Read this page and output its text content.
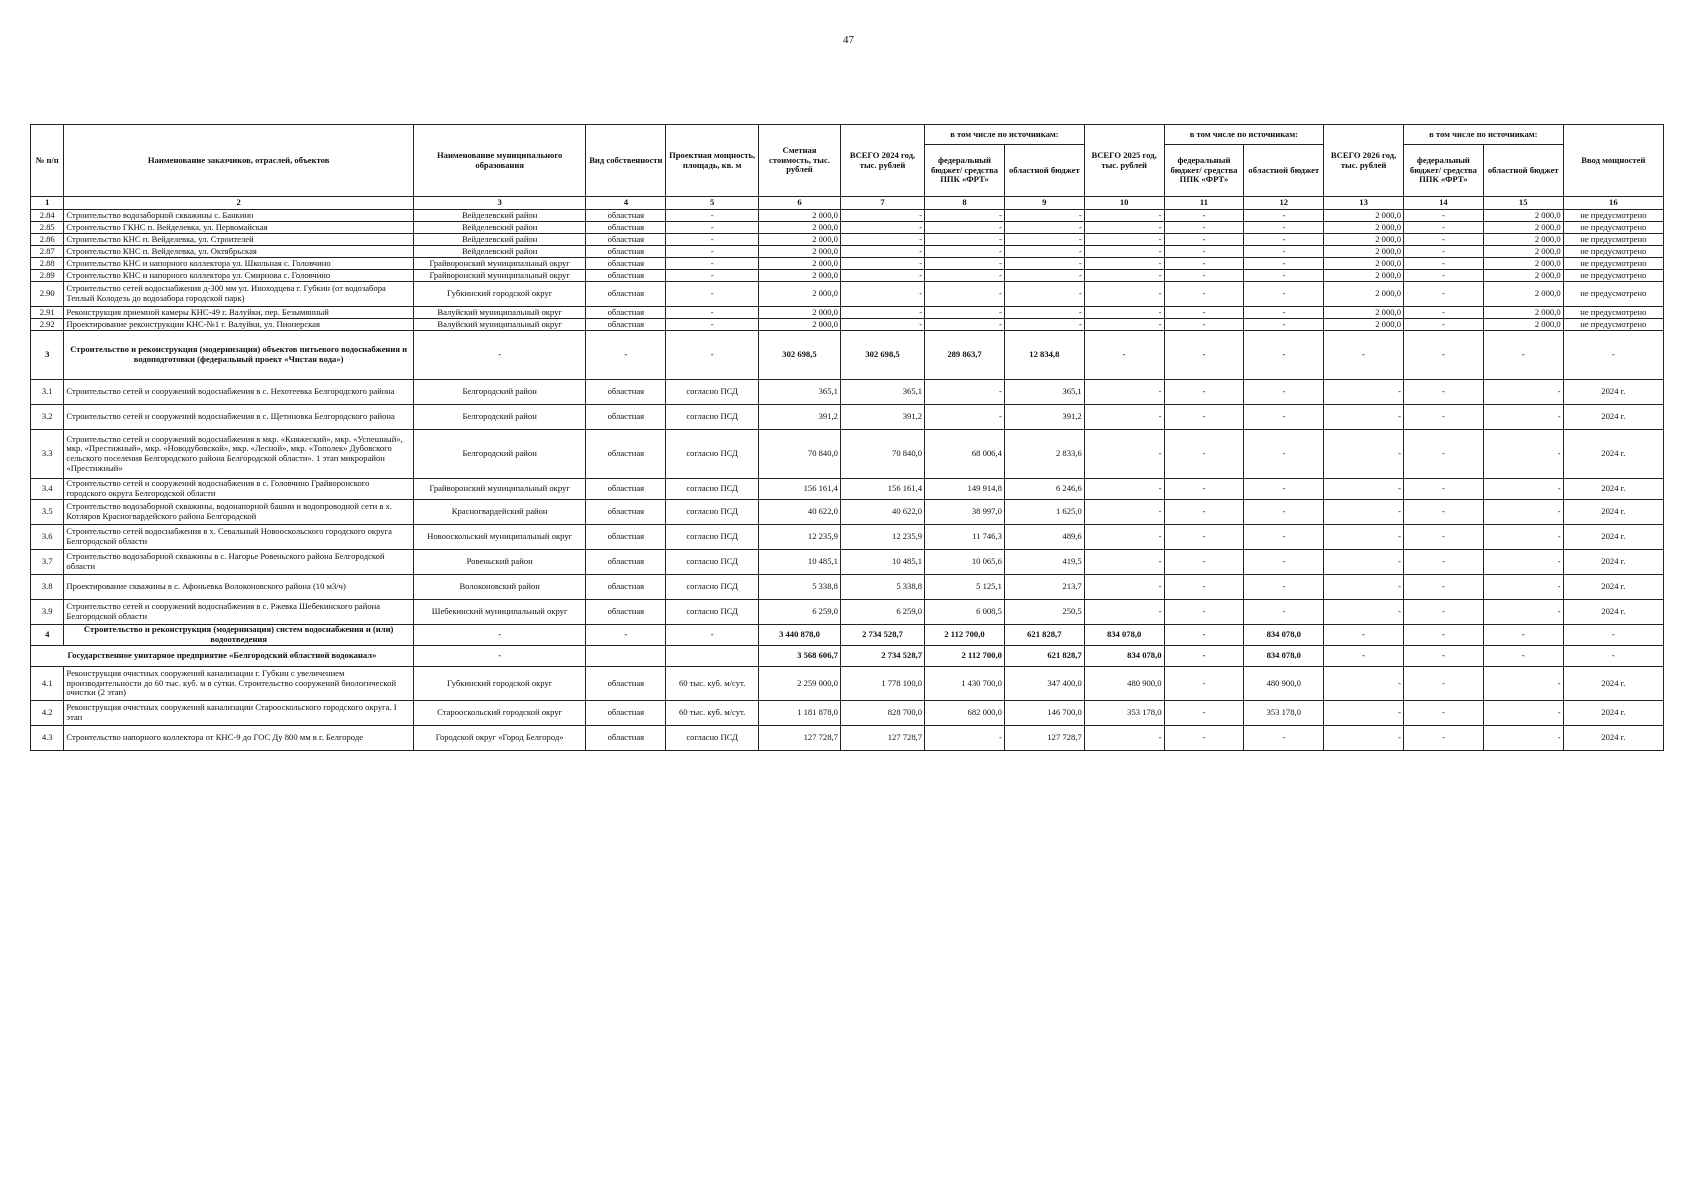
47
№ п/п	Наименование заказчиков, отраслей, объектов	Наименование муниципального образования	Вид собственности	Проектная мощность, площадь, кв. м	Сметная стоимость, тыс. рублей	ВСЕГО 2024 год, тыс. рублей	в том числе по источникам:		ВСЕГО 2025 год, тыс. рублей	в том числе по источникам:		ВСЕГО 2026 год, тыс. рублей	в том числе по источникам:		Ввод мощностей
							федеральный бюджет/ средства ППК «ФРТ»	областной бюджет		федеральный бюджет/ средства ППК «ФРТ»	областной бюджет		федеральный бюджет/ средства ППК «ФРТ»	областной бюджет	
1	2	3	4	5	6	7	8	9	10	11	12	13	14	15	16
2.84	Строительство водозаборной скважины с. Банкино	Вейделевский район	областная	-	2 000,0	-	-	-	-	-	-	2 000,0	-	2 000,0	не предусмотрено
2.85	Строительство ГКНС п. Вейделевка, ул. Первомайская	Вейделевский район	областная	-	2 000,0	-	-	-	-	-	-	2 000,0	-	2 000,0	не предусмотрено
2.86	Строительство КНС п. Вейделевка, ул. Строителей	Вейделевский район	областная	-	2 000,0	-	-	-	-	-	-	2 000,0	-	2 000,0	не предусмотрено
2.87	Строительство КНС п. Вейделевка, ул. Октябрьская	Вейделевский район	областная	-	2 000,0	-	-	-	-	-	-	2 000,0	-	2 000,0	не предусмотрено
2.88	Строительство КНС и напорного коллектора ул. Школьная с. Головчино	Грайворонский муниципальный округ	областная	-	2 000,0	-	-	-	-	-	-	2 000,0	-	2 000,0	не предусмотрено
2.89	Строительство КНС и напорного коллектора ул. Смирнова с. Головчино	Грайворонский муниципальный округ	областная	-	2 000,0	-	-	-	-	-	-	2 000,0	-	2 000,0	не предусмотрено
2.90	Строительство сетей водоснабжения д-300 мм ул. Иноходцева г. Губкин (от водозабора Теплый Колодезь до водозабора городской парк)	Губкинский городской округ	областная	-	2 000,0	-	-	-	-	-	-	2 000,0	-	2 000,0	не предусмотрено
2.91	Реконструкция приемной камеры КНС-49 г. Валуйки, пер. Безымянный	Валуйский муниципальный округ	областная	-	2 000,0	-	-	-	-	-	-	2 000,0	-	2 000,0	не предусмотрено
2.92	Проектирование реконструкции КНС-№1 г. Валуйки, ул. Пионерская	Валуйский муниципальный округ	областная	-	2 000,0	-	-	-	-	-	-	2 000,0	-	2 000,0	не предусмотрено
3	Строительство и реконструкция (модернизация) объектов питьевого водоснабжения и водоподготовки (федеральный проект «Чистая вода»)	-	-	-	302 698,5	302 698,5	289 863,7	12 834,8	-	-	-	-	-	-	-
3.1	Строительство сетей и сооружений водоснабжения в с. Нехотеевка Белгородского района	Белгородский район	областная	согласно ПСД	365,1	365,1	-	365,1	-	-	-	-	-	-	2024 г.
3.2	Строительство сетей и сооружений водоснабжения в с. Щетиновка Белгородского района	Белгородский район	областная	согласно ПСД	391,2	391,2	-	391,2	-	-	-	-	-	-	2024 г.
3.3	Строительство сетей и сооружений водоснабжения в мкр. «Княжеский», мкр. «Успешный», мкр. «Престижный», мкр. «Новодубовской», мкр. «Лесной», мкр. «Тополек» Дубовского сельского поселения Белгородского района Белгородской области». 1 этап микрорайон «Престижный»	Белгородский район	областная	согласно ПСД	70 840,0	70 840,0	68 006,4	2 833,6	-	-	-	-	-	-	2024 г.
3.4	Строительство сетей и сооружений водоснабжения в с. Головчино Грайворонского городского округа Белгородской области	Грайворонский муниципальный округ	областная	согласно ПСД	156 161,4	156 161,4	149 914,8	6 246,6	-	-	-	-	-	-	2024 г.
3.5	Строительство водозаборной скважины, водонапорной башни и водопроводной сети в х. Котляров Красногвардейского района Белгородской	Красногвардейский район	областная	согласно ПСД	40 622,0	40 622,0	38 997,0	1 625,0	-	-	-	-	-	-	2024 г.
3.6	Строительство сетей водоснабжения в х. Севальный Новооскольского городского округа Белгородской области	Новооскольский муниципальный округ	областная	согласно ПСД	12 235,9	12 235,9	11 746,3	489,6	-	-	-	-	-	-	2024 г.
3.7	Строительство водозаборной скважины в с. Нагорье Ровеньского района Белгородской области	Ровеньский район	областная	согласно ПСД	10 485,1	10 485,1	10 065,6	419,5	-	-	-	-	-	-	2024 г.
3.8	Проектирование скважины в с. Афоньевка Волоконовского района (10 м3/ч)	Волоконовский район	областная	согласно ПСД	5 338,8	5 338,8	5 125,1	213,7	-	-	-	-	-	-	2024 г.
3.9	Строительство сетей и сооружений водоснабжения в с. Ржевка Шебекинского района Белгородской области	Шебекинский муниципальный округ	областная	согласно ПСД	6 259,0	6 259,0	6 008,5	250,5	-	-	-	-	-	-	2024 г.
4	Строительство и реконструкция (модернизация) систем водоснабжения и (или) водоотведения	-	-	-	3 440 878,0	2 734 528,7	2 112 700,0	621 828,7	834 078,0	-	834 078,0	-	-	-	-
Государственное унитарное предприятие «Белгородский областной водоканал»		-			3 568 606,7	2 734 528,7	2 112 700,0	621 828,7	834 078,0	-	834 078,0	-	-	-	-
4.1	Реконструкция очистных сооружений канализации г. Губкин с увеличением производительности до 60 тыс. куб. м в сутки. Строительство сооружений биологической очистки (2 этап)	Губкинский городской округ	областная	60 тыс. куб. м/сут.	2 259 000,0	1 778 100,0	1 430 700,0	347 400,0	480 900,0	-	480 900,0	-	-	-	2024 г.
4.2	Реконструкция очистных сооружений канализации Старооскольского городского округа. I этап	Старооскольский городской округ	областная	60 тыс. куб. м/сут.	1 181 878,0	828 700,0	682 000,0	146 700,0	353 178,0	-	353 178,0	-	-	-	2024 г.
4.3	Строительство напорного коллектора от КНС-9 до ГОС Ду 800 мм в г. Белгороде	Городской округ «Город Белгород»	областная	согласно ПСД	127 728,7	127 728,7	-	127 728,7	-	-	-	-	-	-	2024 г.
